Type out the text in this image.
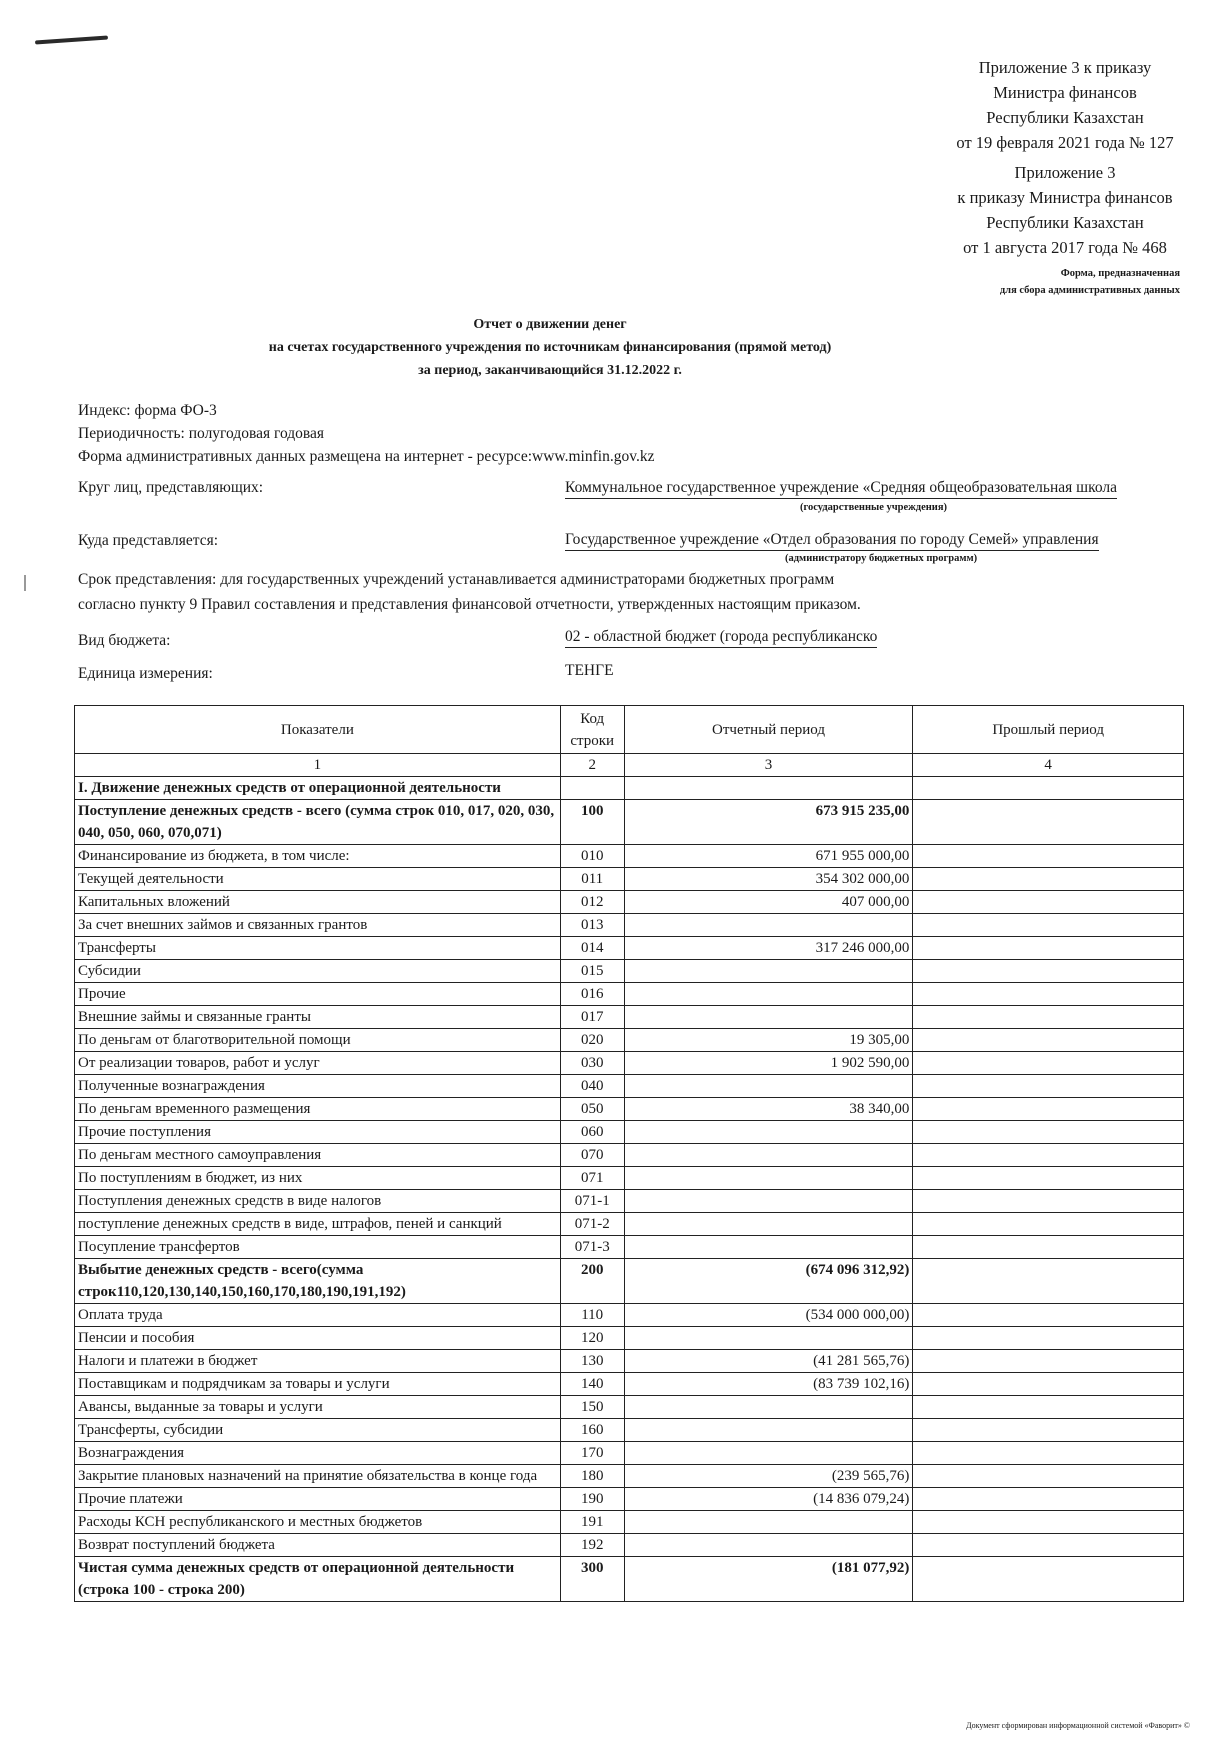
Приложение 3 к приказу
Министра финансов
Республики Казахстан
от 19 февраля 2021 года № 127
Приложение 3
к приказу Министра финансов
Республики Казахстан
от 1 августа 2017 года № 468
Форма, предназначенная
для сбора административных данных
Отчет о движении денег
на счетах государственного учреждения по источникам финансирования (прямой метод)
за период, заканчивающийся 31.12.2022 г.
Индекс: форма ФО-3
Периодичность: полугодовая годовая
Форма административных данных размещена на интернет - ресурсе:www.minfin.gov.kz
Круг лиц, представляющих:	Коммунальное государственное учреждение «Средняя общеобразовательная школа
(государственные учреждения)
Куда представляется:	Государственное учреждение «Отдел образования по городу Семей» управления
(администратору бюджетных программ)
Срок представления: для государственных учреждений устанавливается администраторами бюджетных программ
согласно пункту 9 Правил составления и представления финансовой отчетности, утвержденных настоящим приказом.
Вид бюджета:	02 - областной бюджет (города республиканско
Единица измерения:	ТЕНГЕ
Показатели	Код строки	Отчетный период	Прошлый период
1	2	3	4
I. Движение денежных средств от операционной деятельности			
Поступление денежных средств - всего (сумма строк 010, 017, 020, 030, 040, 050, 060, 070,071)	100	673 915 235,00	
Финансирование из бюджета, в том числе:	010	671 955 000,00	
Текущей деятельности	011	354 302 000,00	
Капитальных вложений	012	407 000,00	
За счет внешних займов и связанных грантов	013		
Трансферты	014	317 246 000,00	
Субсидии	015		
Прочие	016		
Внешние займы и связанные гранты	017		
По деньгам от благотворительной помощи	020	19 305,00	
От реализации товаров, работ и услуг	030	1 902 590,00	
Полученные вознаграждения	040		
По деньгам временного размещения	050	38 340,00	
Прочие поступления	060		
По деньгам местного самоуправления	070		
По поступлениям в бюджет, из них	071		
Поступления денежных средств в виде налогов	071-1		
поступление денежных средств в виде, штрафов, пеней и санкций	071-2		
Посупление трансфертов	071-3		
Выбытие денежных средств - всего(сумма строк110,120,130,140,150,160,170,180,190,191,192)	200	(674 096 312,92)	
Оплата труда	110	(534 000 000,00)	
Пенсии и пособия	120		
Налоги и платежи в бюджет	130	(41 281 565,76)	
Поставщикам и подрядчикам за товары и услуги	140	(83 739 102,16)	
Авансы, выданные за товары и услуги	150		
Трансферты, субсидии	160		
Вознаграждения	170		
Закрытие плановых назначений на принятие обязательства в конце года	180	(239 565,76)	
Прочие платежи	190	(14 836 079,24)	
Расходы КСН республиканского и местных бюджетов	191		
Возврат поступлений бюджета	192		
Чистая сумма денежных средств от операционной деятельности (строка 100 - строка 200)	300	(181 077,92)	
Документ сформирован информационной системой «Фаворит» ©
